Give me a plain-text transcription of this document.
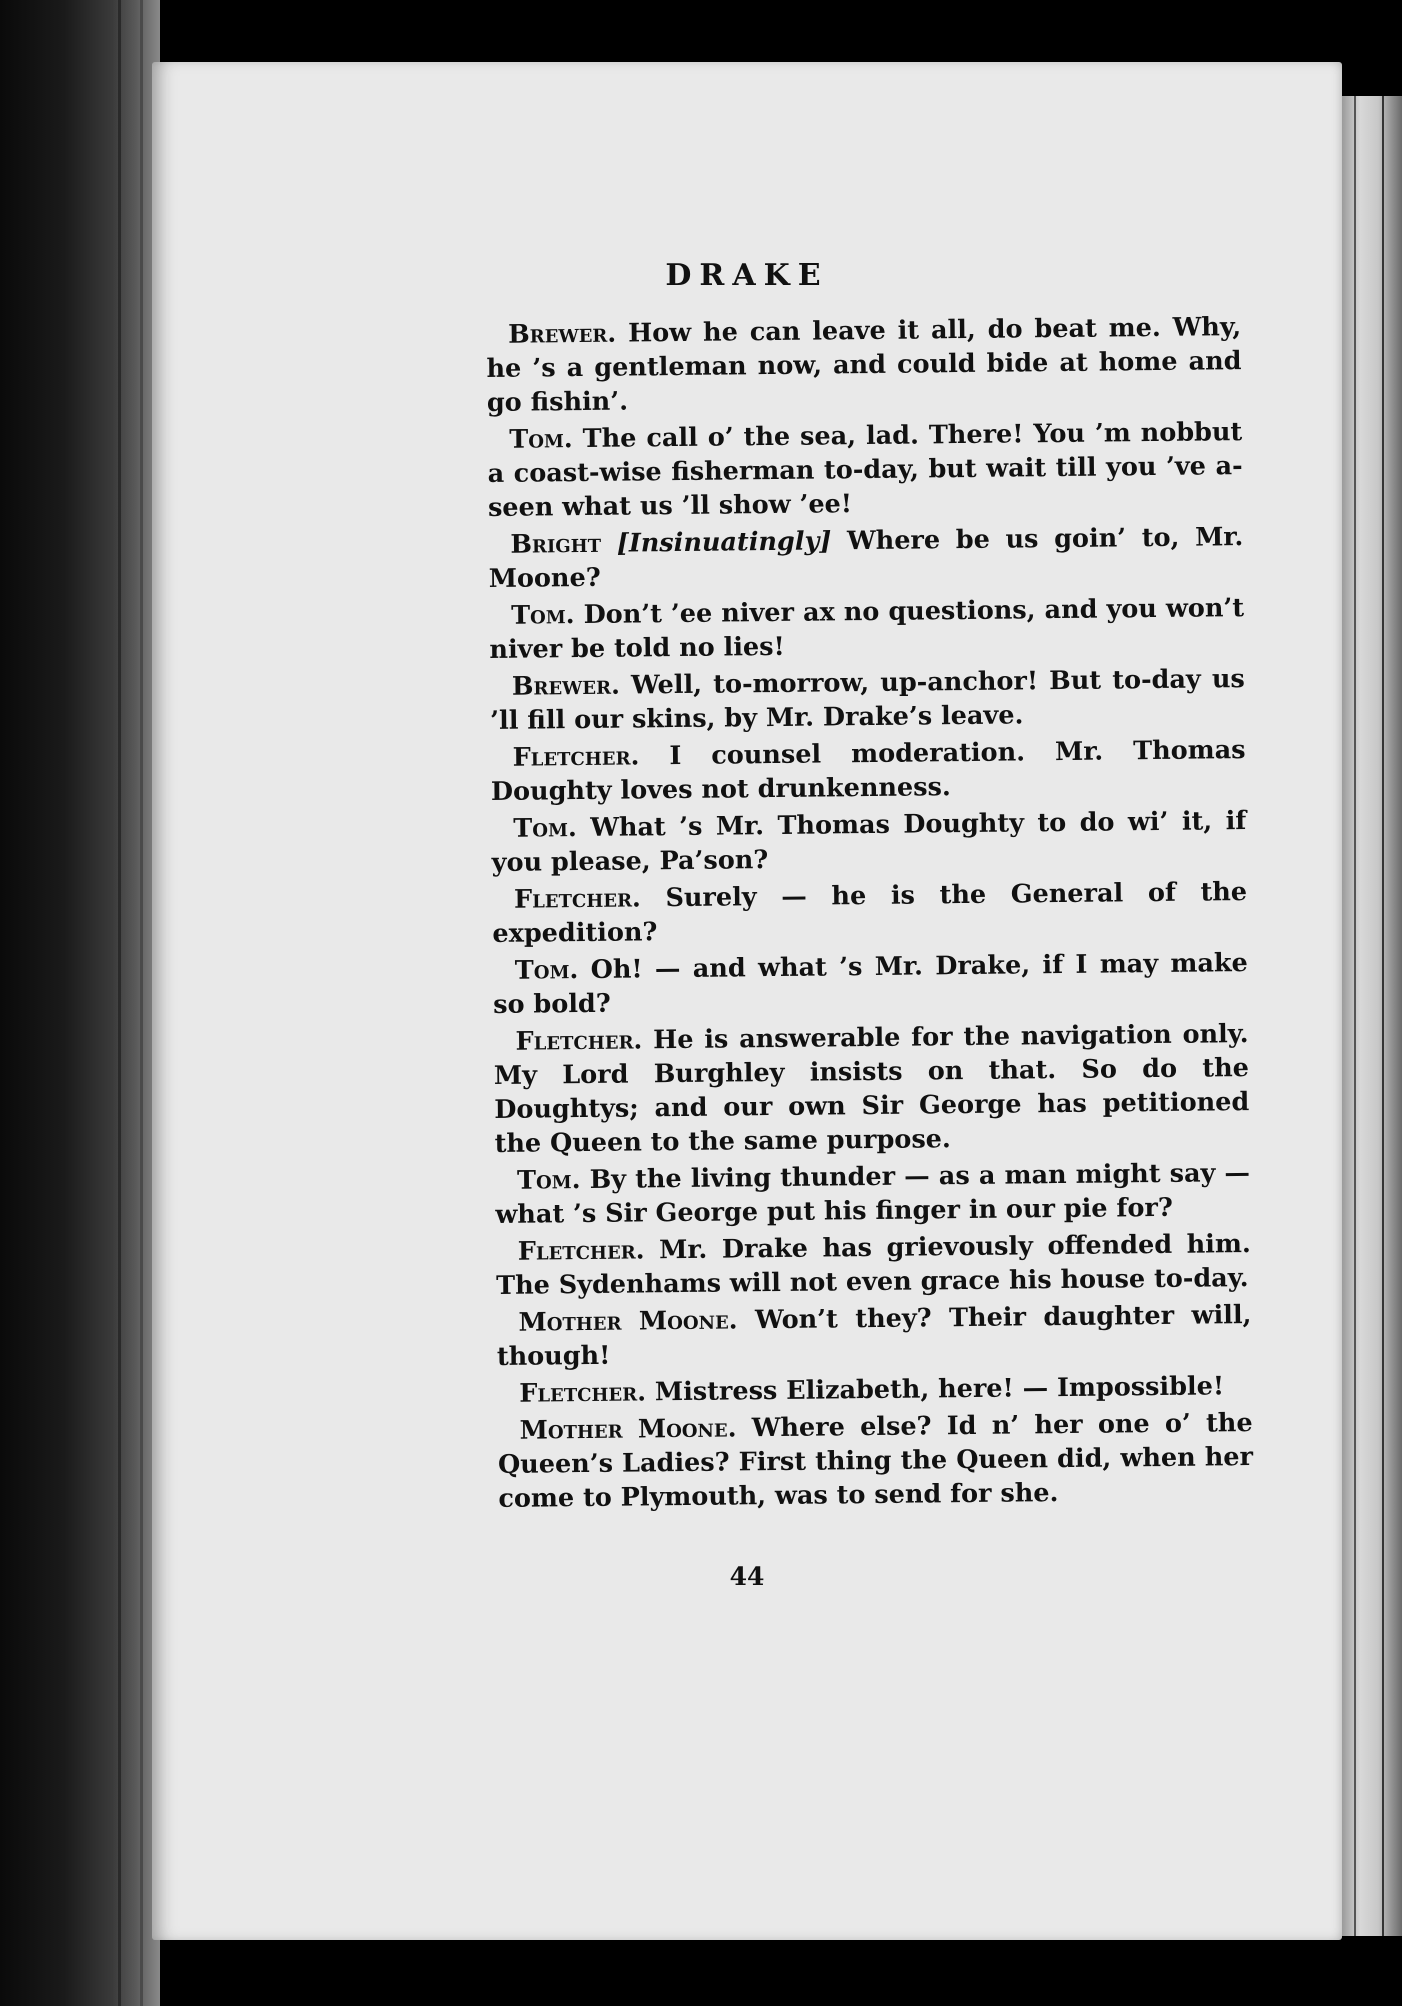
DRAKE

Brewer. How he can leave it all, do beat me. Why, he ’s a gentleman now, and could bide at home and go fishin’.

Tom. The call o’ the sea, lad. There! You ’m nobbut a coast-wise fisherman to-day, but wait till you ’ve a-seen what us ’ll show ’ee!

Bright [Insinuatingly] Where be us goin’ to, Mr. Moone?

Tom. Don’t ’ee niver ax no questions, and you won’t niver be told no lies!

Brewer. Well, to-morrow, up-anchor! But to-day us ’ll fill our skins, by Mr. Drake’s leave.

Fletcher. I counsel moderation. Mr. Thomas Doughty loves not drunkenness.

Tom. What ’s Mr. Thomas Doughty to do wi’ it, if you please, Pa’son?

Fletcher. Surely — he is the General of the expedition?

Tom. Oh! — and what ’s Mr. Drake, if I may make so bold?

Fletcher. He is answerable for the navigation only. My Lord Burghley insists on that. So do the Doughtys; and our own Sir George has petitioned the Queen to the same purpose.

Tom. By the living thunder — as a man might say — what ’s Sir George put his finger in our pie for?

Fletcher. Mr. Drake has grievously offended him. The Sydenhams will not even grace his house to-day.

Mother Moone. Won’t they? Their daughter will, though!

Fletcher. Mistress Elizabeth, here! — Impossible!

Mother Moone. Where else? Id n’ her one o’ the Queen’s Ladies? First thing the Queen did, when her come to Plymouth, was to send for she.

44
